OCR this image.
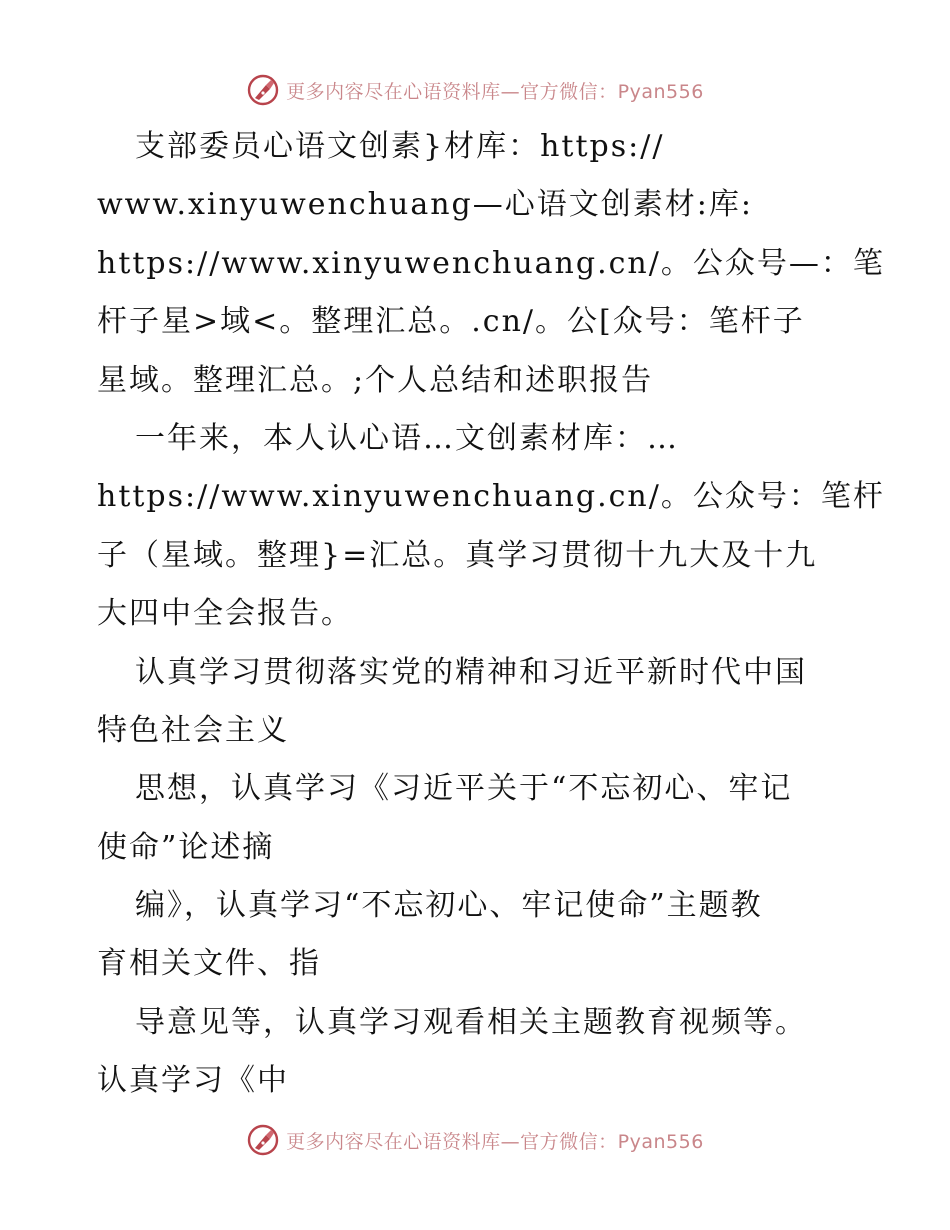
更多内容尽在心语资料库—官方微信：Pyan556
支部委员心语文创素}材库：https://
www.xinyuwenchuang—心语文创素材:库:
https://www.xinyuwenchuang.cn/。公众号—：笔
杆子星>域<。整理汇总。.cn/。公[众号：笔杆子
星域。整理汇总。;个人总结和述职报告
一年来，本人认心语…文创素材库：…
https://www.xinyuwenchuang.cn/。公众号：笔杆
子（星域。整理}=汇总。真学习贯彻十九大及十九
大四中全会报告。
认真学习贯彻落实党的精神和习近平新时代中国
特色社会主义
思想，认真学习《习近平关于“不忘初心、牢记
使命”论述摘
编》，认真学习“不忘初心、牢记使命”主题教
育相关文件、指
导意见等，认真学习观看相关主题教育视频等。
认真学习《中
更多内容尽在心语资料库—官方微信：Pyan556
